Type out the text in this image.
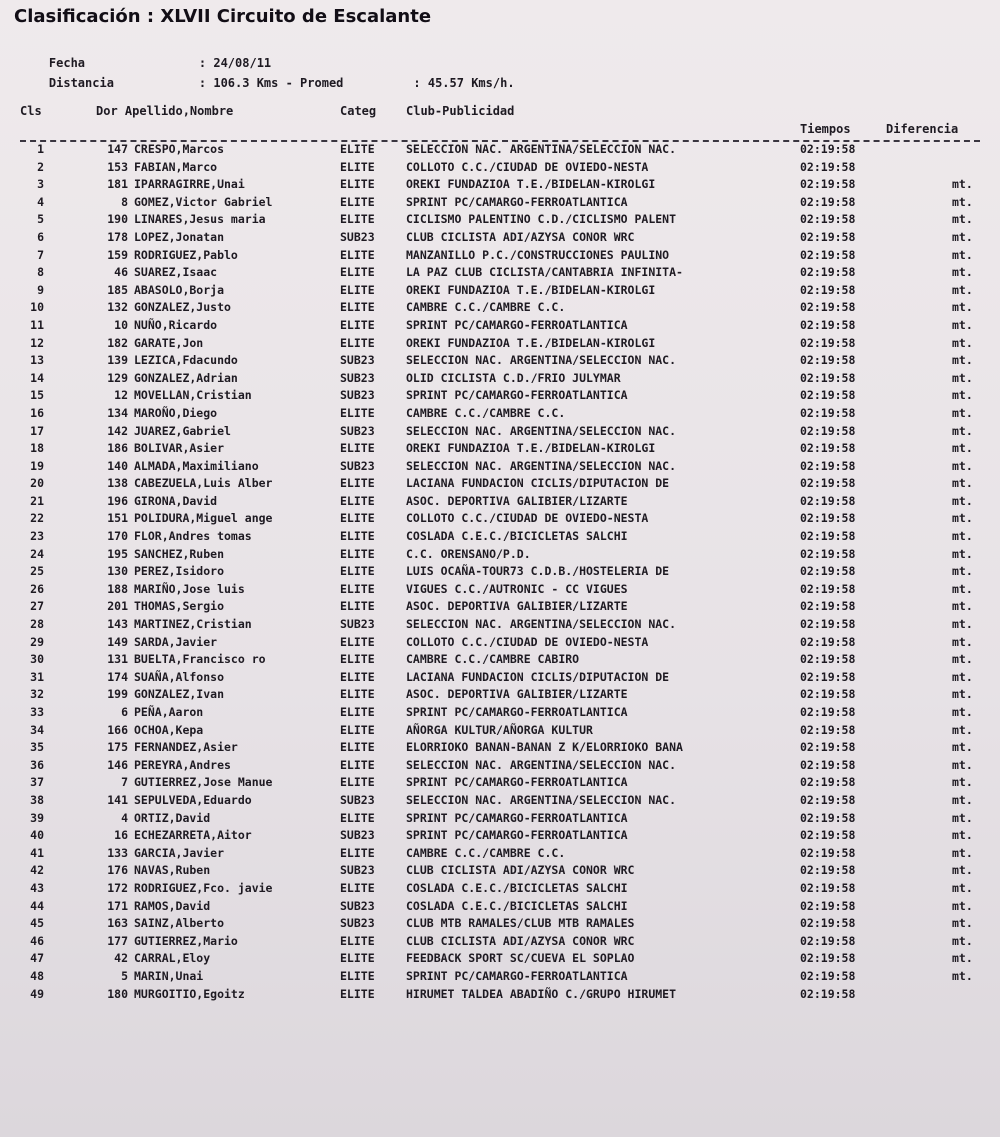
Clasificación : XLVII Circuito de Escalante

Fecha	: 24/08/11

Distancia	: 106.3 Kms - Promed	: 45.57 Kms/h.

Cls	Dor Apellido,Nombre	Categ Club-Publicidad
Tiempos	Diferencia
1	147 CRESPO,Marcos	ELITE	SELECCION NAC. ARGENTINA/SELECCION NAC.	02:19:58
2	153 FABIAN,Marco	ELITE	COLLOTO C.C./CIUDAD DE OVIEDO-NESTA	02:19:58
3	181 IPARRAGIRRE,Unai	ELITE	OREKI FUNDAZIOA T.E./BIDELAN-KIROLGI	02:19:58	mt.
4	8 GOMEZ,Victor Gabriel	ELITE	SPRINT PC/CAMARGO-FERROATLANTICA	02:19:58	mt.
5	190 LINARES,Jesus maria	ELITE	CICLISMO PALENTINO C.D./CICLISMO PALENT	02:19:58	mt.
6	178 LOPEZ,Jonatan	SUB23	CLUB CICLISTA ADI/AZYSA CONOR WRC	02:19:58	mt.
7	159 RODRIGUEZ,Pablo	ELITE	MANZANILLO P.C./CONSTRUCCIONES PAULINO	02:19:58	mt.
8	46 SUAREZ,Isaac	ELITE	LA PAZ CLUB CICLISTA/CANTABRIA INFINITA-	02:19:58	mt.
9	185 ABASOLO,Borja	ELITE	OREKI FUNDAZIOA T.E./BIDELAN-KIROLGI	02:19:58	mt.
10	132 GONZALEZ,Justo	ELITE	CAMBRE C.C./CAMBRE C.C.	02:19:58	mt.
11	10 NUÑO,Ricardo	ELITE	SPRINT PC/CAMARGO-FERROATLANTICA	02:19:58	mt.
12	182 GARATE,Jon	ELITE	OREKI FUNDAZIOA T.E./BIDELAN-KIROLGI	02:19:58	mt.
13	139 LEZICA,Fdacundo	SUB23	SELECCION NAC. ARGENTINA/SELECCION NAC.	02:19:58	mt.
14	129 GONZALEZ,Adrian	SUB23	OLID CICLISTA C.D./FRIO JULYMAR	02:19:58	mt.
15	12 MOVELLAN,Cristian	SUB23	SPRINT PC/CAMARGO-FERROATLANTICA	02:19:58	mt.
16	134 MAROÑO,Diego	ELITE	CAMBRE C.C./CAMBRE C.C.	02:19:58	mt.
17	142 JUAREZ,Gabriel	SUB23	SELECCION NAC. ARGENTINA/SELECCION NAC.	02:19:58	mt.
18	186 BOLIVAR,Asier	ELITE	OREKI FUNDAZIOA T.E./BIDELAN-KIROLGI	02:19:58	mt.
19	140 ALMADA,Maximiliano	SUB23	SELECCION NAC. ARGENTINA/SELECCION NAC.	02:19:58	mt.
20	138 CABEZUELA,Luis Alber	ELITE	LACIANA FUNDACION CICLIS/DIPUTACION DE	02:19:58	mt.
21	196 GIRONA,David	ELITE	ASOC. DEPORTIVA GALIBIER/LIZARTE	02:19:58	mt.
22	151 POLIDURA,Miguel ange	ELITE	COLLOTO C.C./CIUDAD DE OVIEDO-NESTA	02:19:58	mt.
23	170 FLOR,Andres tomas	ELITE	COSLADA C.E.C./BICICLETAS SALCHI	02:19:58	mt.
24	195 SANCHEZ,Ruben	ELITE	C.C. ORENSANO/P.D.	02:19:58	mt.
25	130 PEREZ,Isidoro	ELITE	LUIS OCAÑA-TOUR73 C.D.B./HOSTELERIA DE	02:19:58	mt.
26	188 MARIÑO,Jose luis	ELITE	VIGUES C.C./AUTRONIC - CC VIGUES	02:19:58	mt.
27	201 THOMAS,Sergio	ELITE	ASOC. DEPORTIVA GALIBIER/LIZARTE	02:19:58	mt.
28	143 MARTINEZ,Cristian	SUB23	SELECCION NAC. ARGENTINA/SELECCION NAC.	02:19:58	mt.
29	149 SARDA,Javier	ELITE	COLLOTO C.C./CIUDAD DE OVIEDO-NESTA	02:19:58	mt.
30	131 BUELTA,Francisco ro	ELITE	CAMBRE C.C./CAMBRE CABIRO	02:19:58	mt.
31	174 SUAÑA,Alfonso	ELITE	LACIANA FUNDACION CICLIS/DIPUTACION DE	02:19:58	mt.
32	199 GONZALEZ,Ivan	ELITE	ASOC. DEPORTIVA GALIBIER/LIZARTE	02:19:58	mt.
33	6 PEÑA,Aaron	ELITE	SPRINT PC/CAMARGO-FERROATLANTICA	02:19:58	mt.
34	166 OCHOA,Kepa	ELITE	AÑORGA KULTUR/AÑORGA KULTUR	02:19:58	mt.
35	175 FERNANDEZ,Asier	ELITE	ELORRIOKO BANAN-BANAN Z K/ELORRIOKO BANA	02:19:58	mt.
36	146 PEREYRA,Andres	ELITE	SELECCION NAC. ARGENTINA/SELECCION NAC.	02:19:58	mt.
37	7 GUTIERREZ,Jose Manue	ELITE	SPRINT PC/CAMARGO-FERROATLANTICA	02:19:58	mt.
38	141 SEPULVEDA,Eduardo	SUB23	SELECCION NAC. ARGENTINA/SELECCION NAC.	02:19:58	mt.
39	4 ORTIZ,David	ELITE	SPRINT PC/CAMARGO-FERROATLANTICA	02:19:58	mt.
40	16 ECHEZARRETA,Aitor	SUB23	SPRINT PC/CAMARGO-FERROATLANTICA	02:19:58	mt.
41	133 GARCIA,Javier	ELITE	CAMBRE C.C./CAMBRE C.C.	02:19:58	mt.
42	176 NAVAS,Ruben	SUB23	CLUB CICLISTA ADI/AZYSA CONOR WRC	02:19:58	mt.
43	172 RODRIGUEZ,Fco. javie	ELITE	COSLADA C.E.C./BICICLETAS SALCHI	02:19:58	mt.
44	171 RAMOS,David	SUB23	COSLADA C.E.C./BICICLETAS SALCHI	02:19:58	mt.
45	163 SAINZ,Alberto	SUB23	CLUB MTB RAMALES/CLUB MTB RAMALES	02:19:58	mt.
46	177 GUTIERREZ,Mario	ELITE	CLUB CICLISTA ADI/AZYSA CONOR WRC	02:19:58	mt.
47	42 CARRAL,Eloy	ELITE	FEEDBACK SPORT SC/CUEVA EL SOPLAO	02:19:58	mt.
48	5 MARIN,Unai	ELITE	SPRINT PC/CAMARGO-FERROATLANTICA	02:19:58	mt.
49	180 MURGOITIO,Egoitz	ELITE	HIRUMET TALDEA ABADIÑO C./GRUPO HIRUMET	02:19:58
